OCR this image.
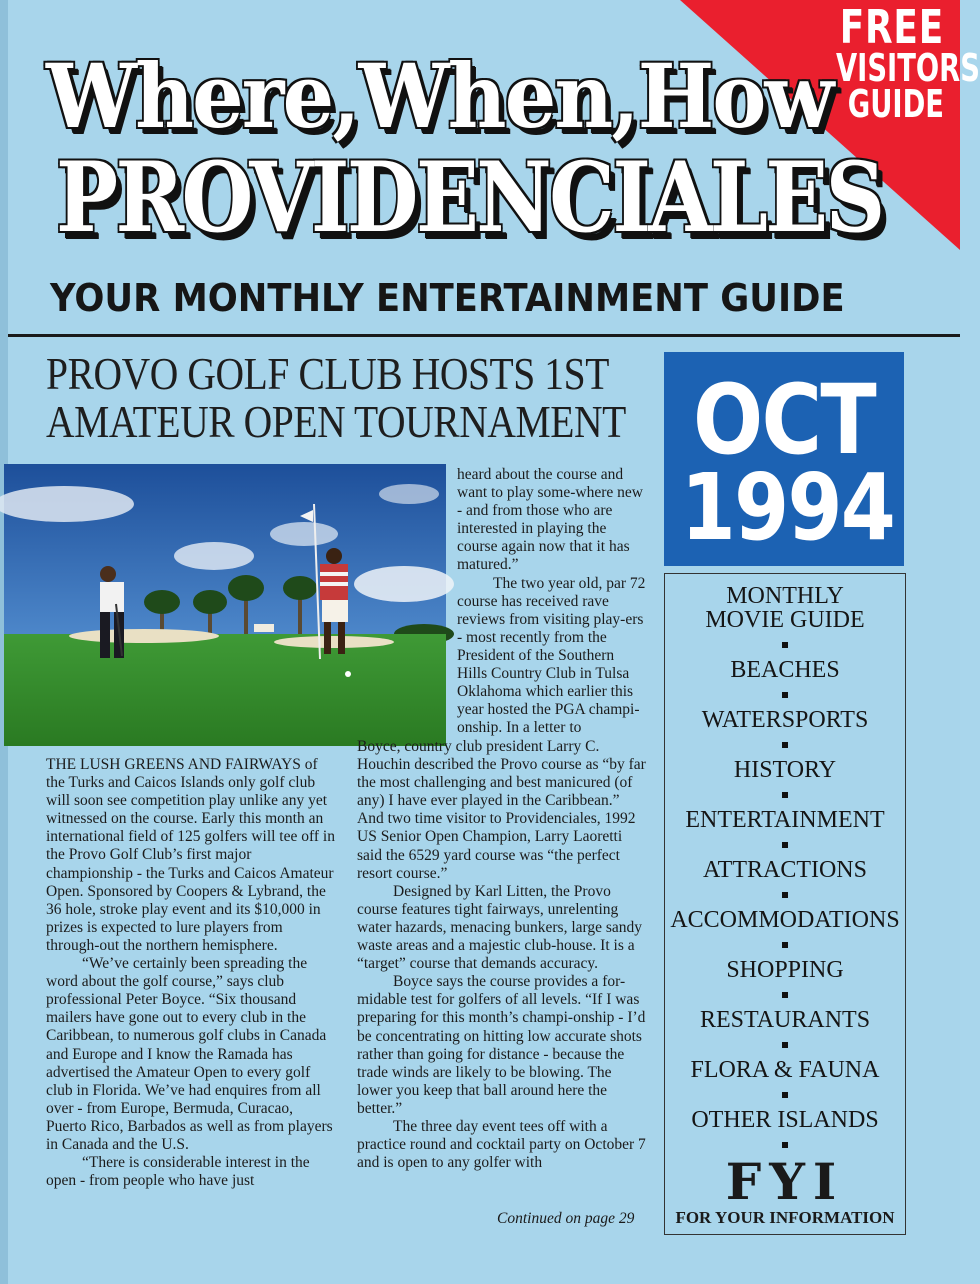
FREE
VISITORS
GUIDE
Where,When,How
PROVIDENCIALES
YOUR MONTHLY ENTERTAINMENT GUIDE
PROVO GOLF CLUB HOSTS 1ST
AMATEUR OPEN TOURNAMENT OCT
1994

THE LUSH GREENS AND FAIRWAYS of the Turks and Caicos Islands only golf club will soon see competition play unlike any yet witnessed on the course. Early this month an international field of 125 golfers will tee off in the Provo Golf Club’s first major championship - the Turks and Caicos Amateur Open. Sponsored by Coopers & Lybrand, the 36 hole, stroke play event and its $10,000 in prizes is expected to lure players from through-out the northern hemisphere.

“We’ve certainly been spreading the word about the golf course,” says club professional Peter Boyce. “Six thousand mailers have gone out to every club in the Caribbean, to numerous golf clubs in Canada and Europe and I know the Ramada has advertised the Amateur Open to every golf club in Florida. We’ve had enquires from all over - from Europe, Bermuda, Curacao, Puerto Rico, Barbados as well as from players in Canada and the U.S.

“There is considerable interest in the open - from people who have just

heard about the course and want to play some-where new - and from those who are interested in playing the course again now that it has matured.”

The two year old, par 72 course has received rave reviews from visiting play-ers - most recently from the President of the Southern Hills Country Club in Tulsa Oklahoma which earlier this year hosted the PGA champi-onship. In a letter to

Boyce, country club president Larry C. Houchin described the Provo course as “by far the most challenging and best manicured (of any) I have ever played in the Caribbean.” And two time visitor to Providenciales, 1992 US Senior Open Champion, Larry Laoretti said the 6529 yard course was “the perfect resort course.”

Designed by Karl Litten, the Provo course features tight fairways, unrelenting water hazards, menacing bunkers, large sandy waste areas and a majestic club-house. It is a “target” course that demands accuracy.

Boyce says the course provides a for-midable test for golfers of all levels. “If I was preparing for this month’s champi-onship - I’d be concentrating on hitting low accurate shots rather than going for distance - because the trade winds are likely to be blowing. The lower you keep that ball around here the better.”

The three day event tees off with a practice round and cocktail party on October 7 and is open to any golfer with

Continued on page 29
MONTHLY
MOVIE GUIDE
BEACHES
WATERSPORTS
HISTORY
ENTERTAINMENT
ATTRACTIONS
ACCOMMODATIONS
SHOPPING
RESTAURANTS
FLORA & FAUNA
OTHER ISLANDS
FYI
FOR YOUR INFORMATION
